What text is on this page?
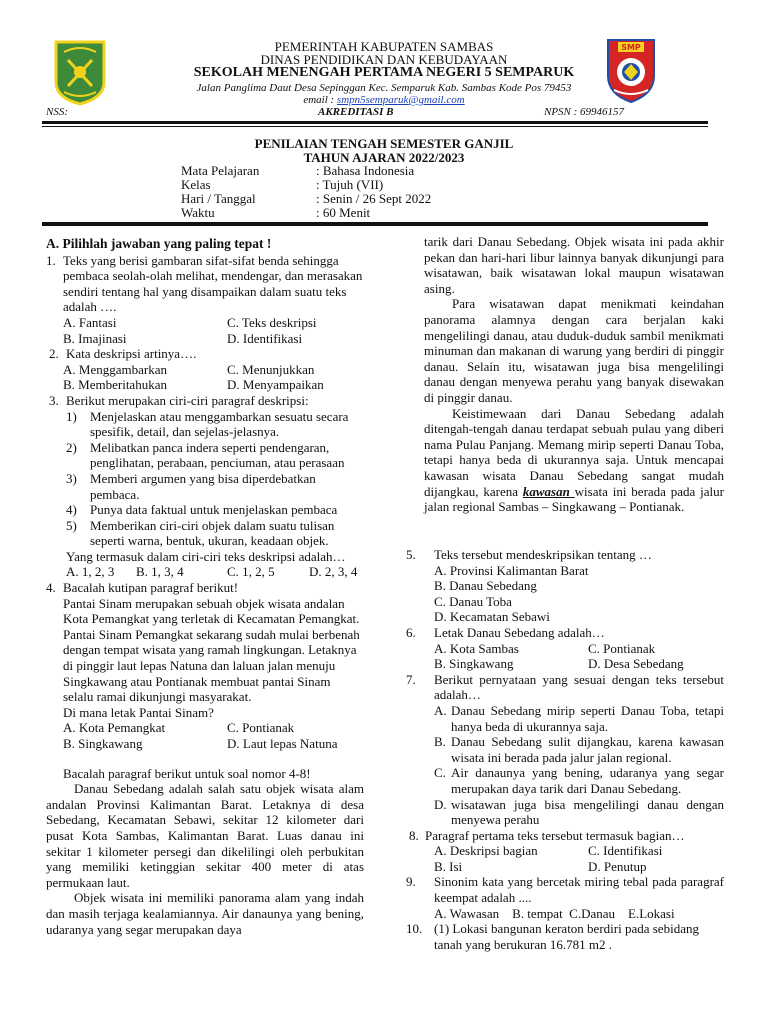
SMP
PEMERINTAH KABUPATEN SAMBAS
DINAS PENDIDIKAN DAN KEBUDAYAAN
SEKOLAH MENENGAH PERTAMA NEGERI 5 SEMPARUK
Jalan Panglima Daut Desa Sepinggan Kec. Semparuk Kab. Sambas Kode Pos 79453
email : smpn5semparuk@gmail.com
NSS:	AKREDITASI B	NPSN : 69946157
PENILAIAN TENGAH SEMESTER GANJIL
TAHUN AJARAN 2022/2023
Mata Pelajaran	: Bahasa Indonesia
Kelas	: Tujuh (VII)
Hari / Tanggal	: Senin / 26 Sept 2022
Waktu	: 60 Menit
A. Pilihlah jawaban yang paling tepat !
1. Teks yang berisi gambaran sifat-sifat benda sehingga pembaca seolah-olah melihat, mendengar, dan merasakan sendiri tentang hal yang disampaikan dalam suatu teks adalah ….
A. Fantasi	C. Teks deskripsi
B. Imajinasi	D. Identifikasi
2. Kata deskripsi artinya….
A. Menggambarkan	C. Menunjukkan
B. Memberitahukan	D. Menyampaikan
3. Berikut merupakan ciri-ciri paragraf deskripsi:
1) Menjelaskan atau menggambarkan sesuatu secara spesifik, detail, dan sejelas-jelasnya.
2) Melibatkan panca indera seperti pendengaran, penglihatan, perabaan, penciuman, atau perasaan
3) Memberi argumen yang bisa diperdebatkan pembaca.
4) Punya data faktual untuk menjelaskan pembaca
5) Memberikan ciri-ciri objek dalam suatu tulisan seperti warna, bentuk, ukuran, keadaan objek.
Yang termasuk dalam ciri-ciri teks deskripsi adalah…
A. 1, 2, 3 B. 1, 3, 4	C. 1, 2, 5	D. 2, 3, 4
4. Bacalah kutipan paragraf berikut!
Pantai Sinam merupakan sebuah objek wisata andalan Kota Pemangkat yang terletak di Kecamatan Pemangkat. Pantai Sinam Pemangkat sekarang sudah mulai berbenah dengan tempat wisata yang ramah lingkungan. Letaknya di pinggir laut lepas Natuna dan laluan jalan menuju Singkawang atau Pontianak membuat pantai Sinam selalu ramai dikunjungi masyarakat.
Di mana letak Pantai Sinam?
A. Kota Pemangkat	C. Pontianak
B. Singkawang	D. Laut lepas Natuna
Bacalah paragraf berikut untuk soal nomor 4-8!
Danau Sebedang adalah salah satu objek wisata alam andalan Provinsi Kalimantan Barat. Letaknya di desa Sebedang, Kecamatan Sebawi, sekitar 12 kilometer dari pusat Kota Sambas, Kalimantan Barat. Luas danau ini sekitar 1 kilometer persegi dan dikelilingi oleh perbukitan yang memiliki ketinggian sekitar 400 meter di atas permukaan laut.
Objek wisata ini memiliki panorama alam yang indah dan masih terjaga kealamiannya. Air danaunya yang bening, udaranya yang segar merupakan daya
tarik dari Danau Sebedang. Objek wisata ini pada akhir pekan dan hari-hari libur lainnya banyak dikunjungi para wisatawan, baik wisatawan lokal maupun wisatawan asing.
Para wisatawan dapat menikmati keindahan panorama alamnya dengan cara berjalan kaki mengelilingi danau, atau duduk-duduk sambil menikmati minuman dan makanan di warung yang berdiri di pinggir danau. Selain itu, wisatawan juga bisa mengelilingi danau dengan menyewa perahu yang banyak disewakan di pinggir danau.
Keistimewaan dari Danau Sebedang adalah ditengah-tengah danau terdapat sebuah pulau yang diberi nama Pulau Panjang. Memang mirip seperti Danau Toba, tetapi hanya beda di ukurannya saja. Untuk mencapai kawasan wisata Danau Sebedang sangat mudah dijangkau, karena kawasan wisata ini berada pada jalur jalan regional Sambas – Singkawang – Pontianak.
5. Teks tersebut mendeskripsikan tentang …
A. Provinsi Kalimantan Barat
B. Danau Sebedang
C. Danau Toba
D. Kecamatan Sebawi
6. Letak Danau Sebedang adalah…
A. Kota Sambas	C. Pontianak
B. Singkawang	D. Desa Sebedang
7. Berikut pernyataan yang sesuai dengan teks tersebut adalah…
A. Danau Sebedang mirip seperti Danau Toba, tetapi hanya beda di ukurannya saja.
B. Danau Sebedang sulit dijangkau, karena kawasan wisata ini berada pada jalur jalan regional.
C. Air danaunya yang bening, udaranya yang segar merupakan daya tarik dari Danau Sebedang.
D. wisatawan juga bisa mengelilingi danau dengan menyewa perahu
8. Paragraf pertama teks tersebut termasuk bagian…
A. Deskripsi bagian	C. Identifikasi
B. Isi	D. Penutup
9. Sinonim kata yang bercetak miring tebal pada paragraf keempat adalah ....
A. Wawasan    B. tempat  C.Danau    E.Lokasi
10. (1) Lokasi bangunan keraton berdiri pada sebidang tanah yang berukuran 16.781 m2 .
